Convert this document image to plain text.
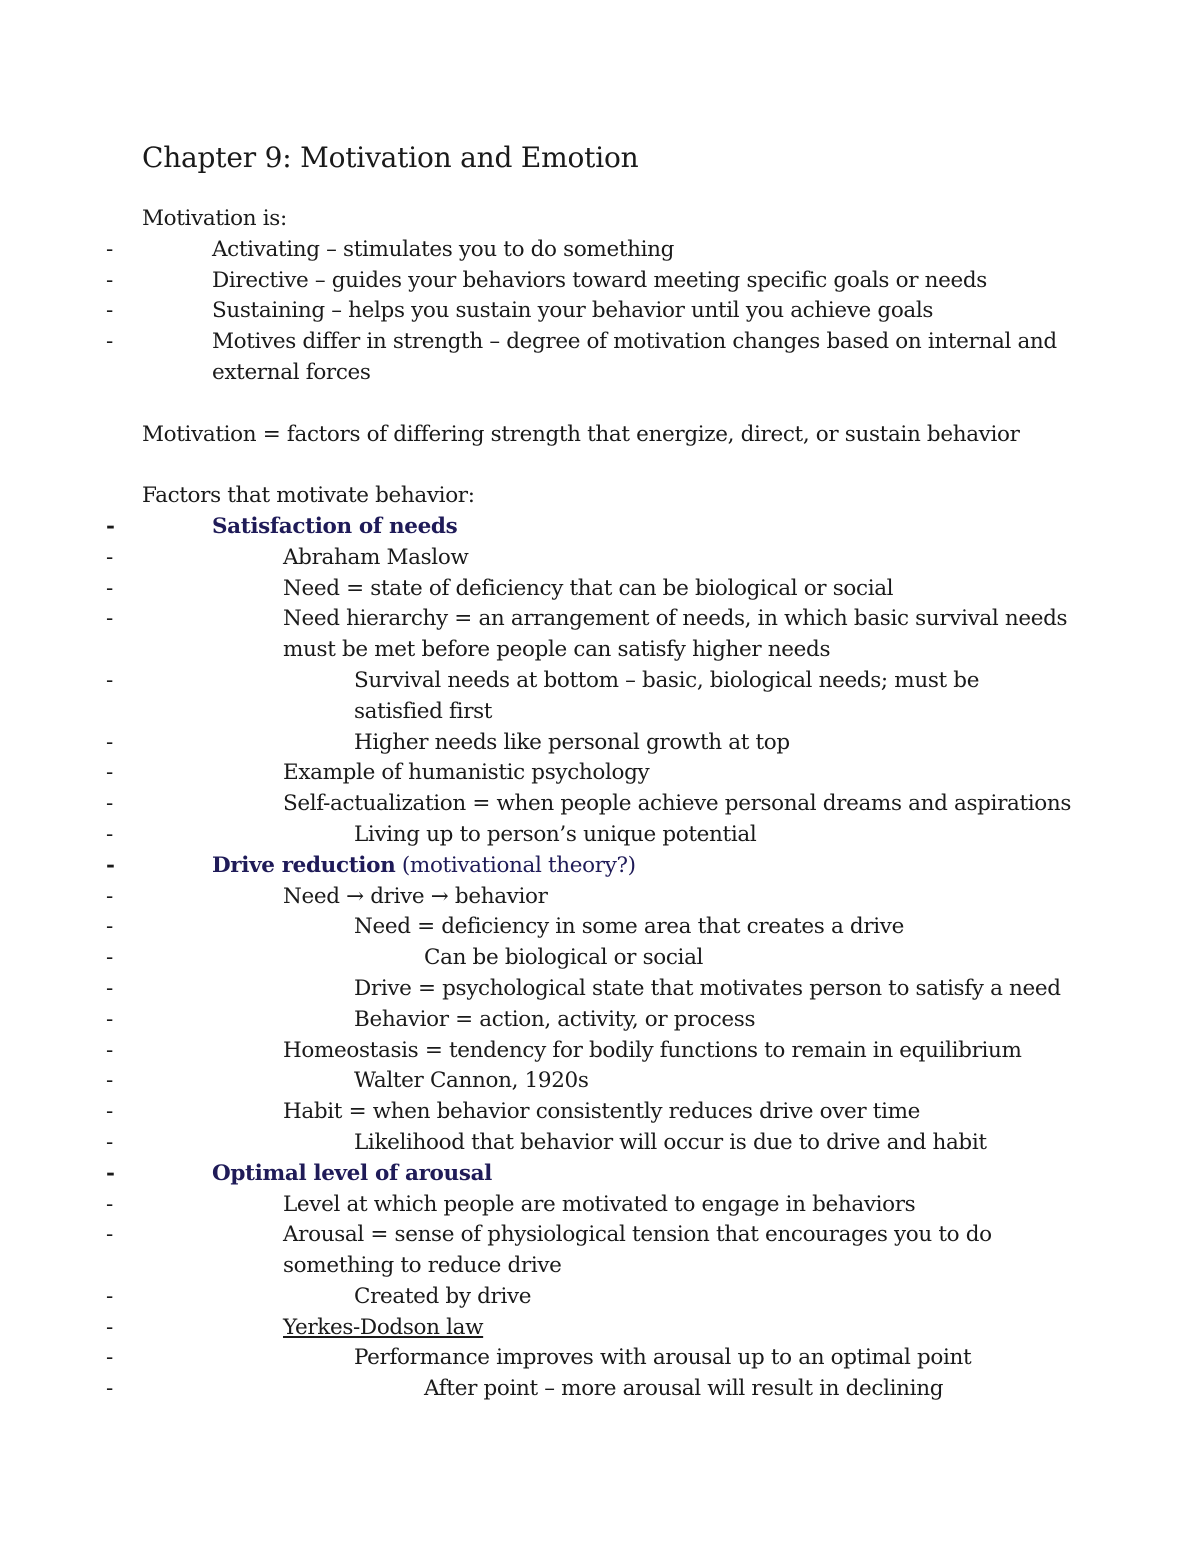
Chapter 9: Motivation and Emotion

Motivation is:

-	Activating – stimulates you to do something
-	Directive – guides your behaviors toward meeting specific goals or needs
-	Sustaining – helps you sustain your behavior until you achieve goals
-	Motives differ in strength – degree of motivation changes based on internal and external forces

Motivation = factors of differing strength that energize, direct, or sustain behavior

Factors that motivate behavior:

-	Satisfaction of needs
-	Abraham Maslow
-	Need = state of deficiency that can be biological or social
-	Need hierarchy = an arrangement of needs, in which basic survival needs must be met before people can satisfy higher needs
-	Survival needs at bottom – basic, biological needs; must be satisfied first
-	Higher needs like personal growth at top
-	Example of humanistic psychology
-	Self-actualization = when people achieve personal dreams and aspirations
-	Living up to person’s unique potential
-	Drive reduction (motivational theory?)
-	Need → drive → behavior
-	Need = deficiency in some area that creates a drive
-	Can be biological or social
-	Drive = psychological state that motivates person to satisfy a need
-	Behavior = action, activity, or process
-	Homeostasis = tendency for bodily functions to remain in equilibrium
-	Walter Cannon, 1920s
-	Habit = when behavior consistently reduces drive over time
-	Likelihood that behavior will occur is due to drive and habit
-	Optimal level of arousal
-	Level at which people are motivated to engage in behaviors
-	Arousal = sense of physiological tension that encourages you to do something to reduce drive
-	Created by drive
-	Yerkes-Dodson law
-	Performance improves with arousal up to an optimal point
-	After point – more arousal will result in declining
